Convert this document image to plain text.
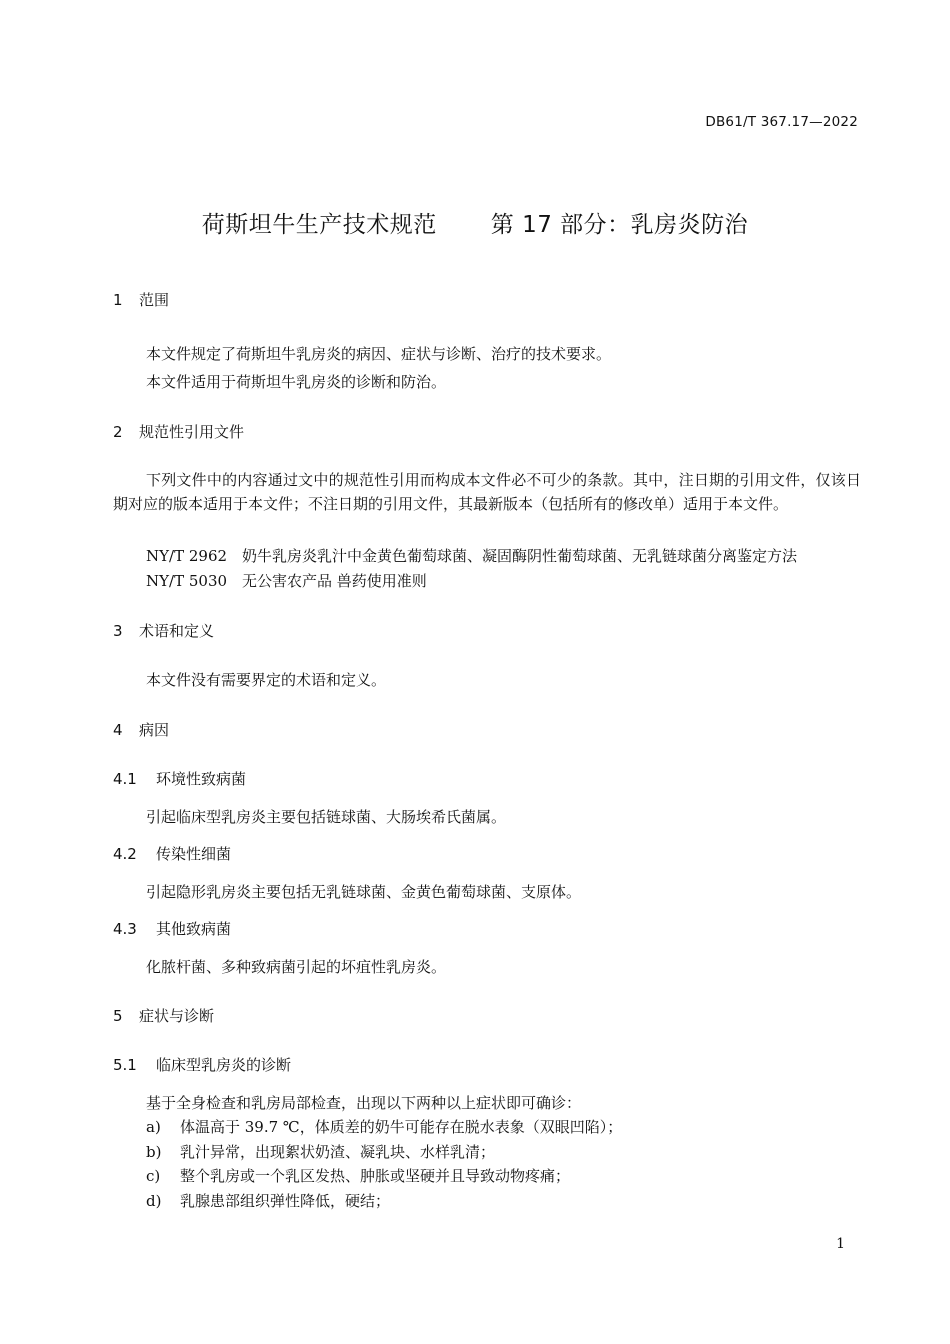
DB61/T 367.17—2022
荷斯坦牛生产技术规范 第 17 部分：乳房炎防治
1 范围
本文件规定了荷斯坦牛乳房炎的病因、症状与诊断、治疗的技术要求。
本文件适用于荷斯坦牛乳房炎的诊断和防治。
2 规范性引用文件
下列文件中的内容通过文中的规范性引用而构成本文件必不可少的条款。其中，注日期的引用文件，仅该日期对应的版本适用于本文件；不注日期的引用文件，其最新版本（包括所有的修改单）适用于本文件。
NY/T 2962 奶牛乳房炎乳汁中金黄色葡萄球菌、凝固酶阴性葡萄球菌、无乳链球菌分离鉴定方法
NY/T 5030 无公害农产品 兽药使用准则
3 术语和定义
本文件没有需要界定的术语和定义。
4 病因
4.1 环境性致病菌
引起临床型乳房炎主要包括链球菌、大肠埃希氏菌属。
4.2 传染性细菌
引起隐形乳房炎主要包括无乳链球菌、金黄色葡萄球菌、支原体。
4.3 其他致病菌
化脓杆菌、多种致病菌引起的坏疽性乳房炎。
5 症状与诊断
5.1 临床型乳房炎的诊断
基于全身检查和乳房局部检查，出现以下两种以上症状即可确诊：
a) 体温高于 39.7 ℃，体质差的奶牛可能存在脱水表象（双眼凹陷）；
b) 乳汁异常，出现絮状奶渣、凝乳块、水样乳清；
c) 整个乳房或一个乳区发热、肿胀或坚硬并且导致动物疼痛；
d) 乳腺患部组织弹性降低，硬结；
1
